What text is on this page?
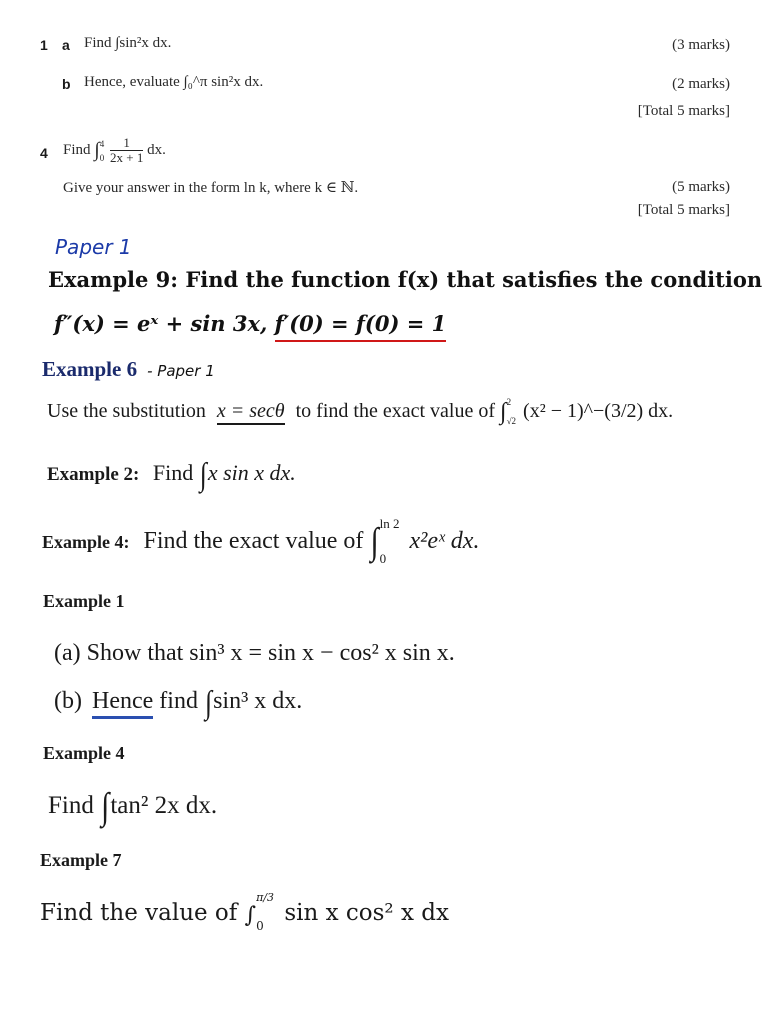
1 a Find ∫sin²x dx.	(3 marks)
b Hence, evaluate ∫₀^π sin²x dx.	(2 marks)
[Total 5 marks]
4 Find ∫ 4
0
$\frac{1}{2x + 1}$ dx.
Give your answer in the form ln k, where k ∈ ℕ.	(5 marks)
[Total 5 marks]
Paper 1
Example 9: Find the function f(x) that satisfies the condition
f″(x) = eˣ + sin 3x, f′(0) = f(0) = 1
Example 6 - Paper 1
Use the substitution x = secθ to find the exact value of ∫ 2
√2 (x² − 1)^−(3/2) dx.
Example 2: Find ∫x sin x dx.
Example 4: Find the exact value of ∫ ln 2
0
x²eˣ dx.
Example 1
(a) Show that sin³ x = sin x − cos² x sin x.
(b) Hence find ∫sin³ x dx.
Example 4
Find ∫tan² 2x dx.
Example 7
Find the value of ∫
π/3
0 sin x cos² x dx
